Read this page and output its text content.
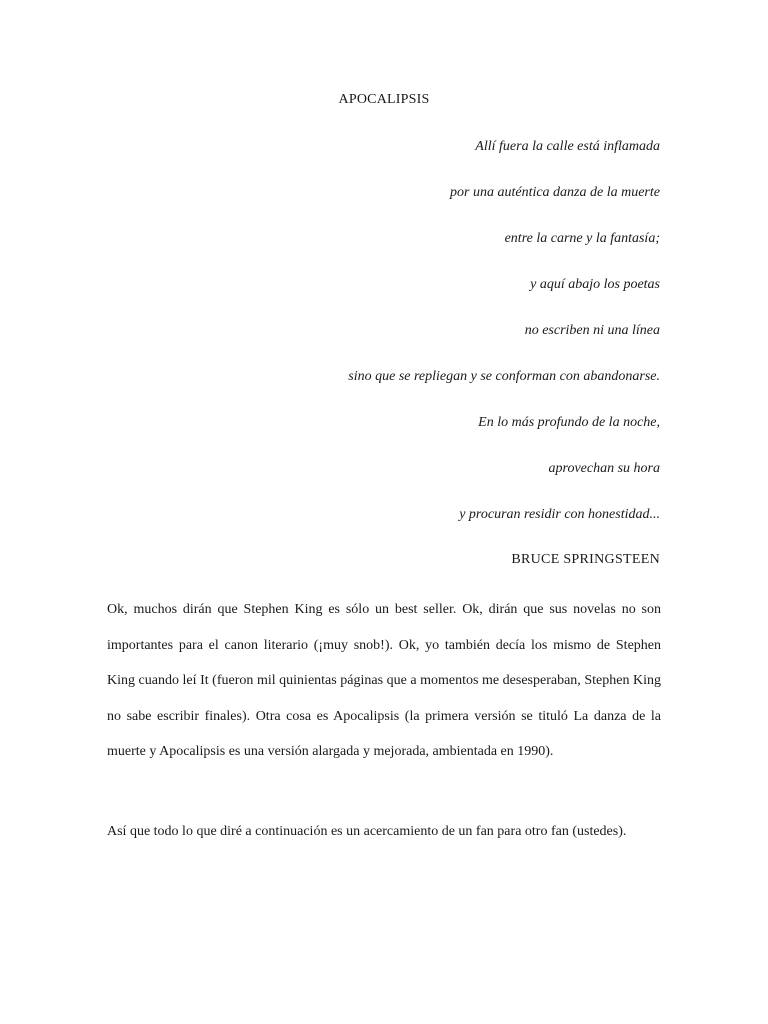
APOCALIPSIS
Allí fuera la calle está inflamada
por una auténtica danza de la muerte
entre la carne y la fantasía;
y aquí abajo los poetas
no escriben ni una línea
sino que se repliegan y se conforman con abandonarse.
En lo más profundo de la noche,
aprovechan su hora
y procuran residir con honestidad...
BRUCE SPRINGSTEEN

Ok, muchos dirán que Stephen King es sólo un best seller. Ok, dirán que sus novelas no son importantes para el canon literario (¡muy snob!). Ok, yo también decía los mismo de Stephen King cuando leí It (fueron mil quinientas páginas que a momentos me desesperaban, Stephen King no sabe escribir finales). Otra cosa es Apocalipsis (la primera versión se tituló La danza de la muerte y Apocalipsis es una versión alargada y mejorada, ambientada en 1990).

Así que todo lo que diré a continuación es un acercamiento de un fan para otro fan (ustedes).
